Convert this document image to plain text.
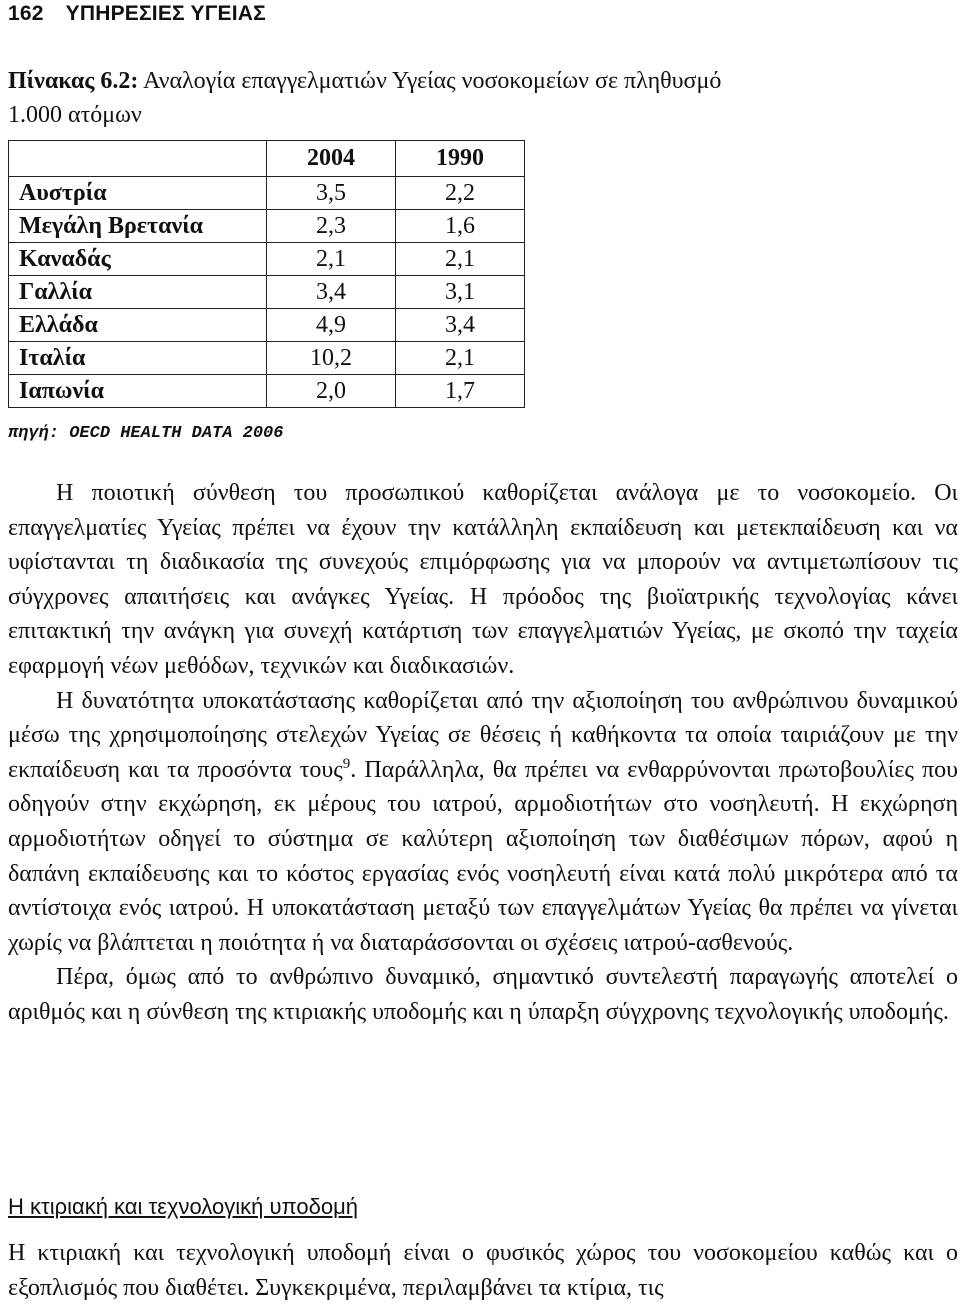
162 ΥΠΗΡΕΣΙΕΣ ΥΓΕΙΑΣ
Πίνακας 6.2: Αναλογία επαγγελματιών Υγείας νοσοκομείων σε πληθυσμό 1.000 ατόμων
	2004	1990
Αυστρία	3,5	2,2
Μεγάλη Βρετανία	2,3	1,6
Καναδάς	2,1	2,1
Γαλλία	3,4	3,1
Ελλάδα	4,9	3,4
Ιταλία	10,2	2,1
Ιαπωνία	2,0	1,7
πηγή: OECD HEALTH DATA 2006

Η ποιοτική σύνθεση του προσωπικού καθορίζεται ανάλογα με το νοσοκομείο. Οι επαγγελματίες Υγείας πρέπει να έχουν την κατάλληλη εκπαίδευση και μετεκπαίδευση και να υφίστανται τη διαδικασία της συνεχούς επιμόρφωσης για να μπορούν να αντιμετωπίσουν τις σύγχρονες απαιτήσεις και ανάγκες Υγείας. Η πρόοδος της βιοϊατρικής τεχνολογίας κάνει επιτακτική την ανάγκη για συνεχή κατάρτιση των επαγγελματιών Υγείας, με σκοπό την ταχεία εφαρμογή νέων μεθόδων, τεχνικών και διαδικασιών.

Η δυνατότητα υποκατάστασης καθορίζεται από την αξιοποίηση του ανθρώπινου δυναμικού μέσω της χρησιμοποίησης στελεχών Υγείας σε θέσεις ή καθήκοντα τα οποία ταιριάζουν με την εκπαίδευση και τα προσόντα τους$^9$. Παράλληλα, θα πρέπει να ενθαρρύνονται πρωτοβουλίες που οδηγούν στην εκχώρηση, εκ μέρους του ιατρού, αρμοδιοτήτων στο νοσηλευτή. Η εκχώρηση αρμοδιοτήτων οδηγεί το σύστημα σε καλύτερη αξιοποίηση των διαθέσιμων πόρων, αφού η δαπάνη εκπαίδευσης και το κόστος εργασίας ενός νοσηλευτή είναι κατά πολύ μικρότερα από τα αντίστοιχα ενός ιατρού. Η υποκατάσταση μεταξύ των επαγγελμάτων Υγείας θα πρέπει να γίνεται χωρίς να βλάπτεται η ποιότητα ή να διαταράσσονται οι σχέσεις ιατρού-ασθενούς.

Πέρα, όμως από το ανθρώπινο δυναμικό, σημαντικό συντελεστή παραγωγής αποτελεί ο αριθμός και η σύνθεση της κτιριακής υποδομής και η ύπαρξη σύγχρονης τεχνολογικής υποδομής.

Η κτιριακή και τεχνολογική υποδομή

Η κτιριακή και τεχνολογική υποδομή είναι ο φυσικός χώρος του νοσοκομείου καθώς και ο εξοπλισμός που διαθέτει. Συγκεκριμένα, περιλαμβάνει τα κτίρια, τις
